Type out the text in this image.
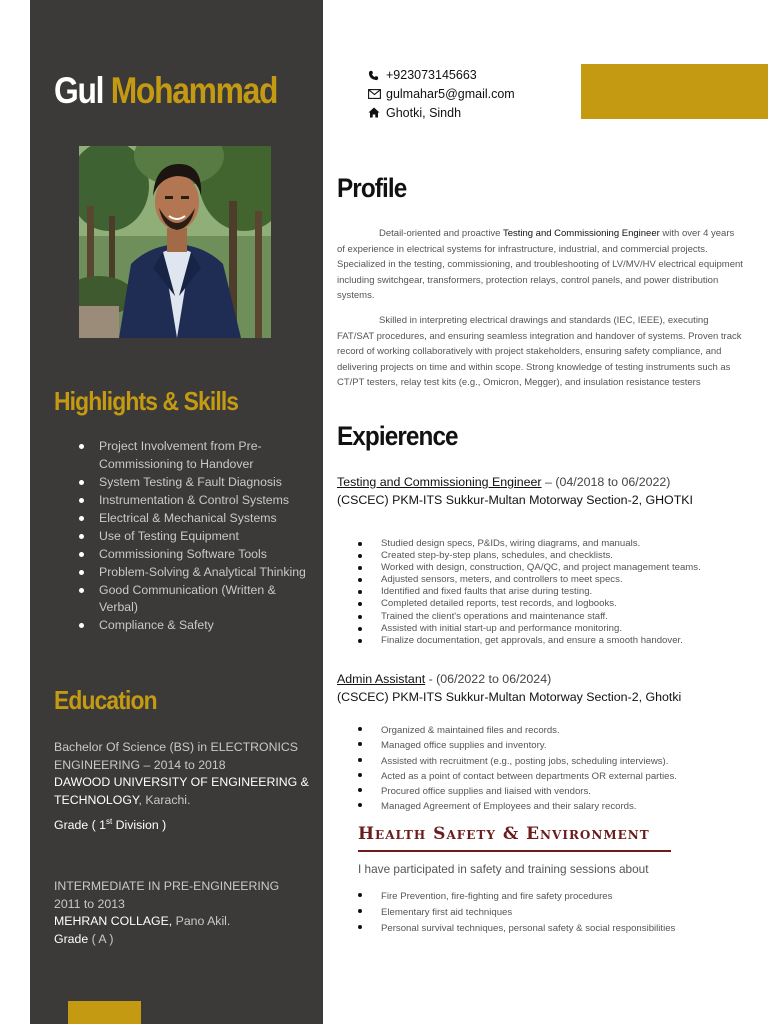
Gul Mohammad
Highlights & Skills
Project Involvement from Pre-Commissioning to Handover
System Testing & Fault Diagnosis
Instrumentation & Control Systems
Electrical & Mechanical Systems
Use of Testing Equipment
Commissioning Software Tools
Problem-Solving & Analytical Thinking
Good Communication (Written & Verbal)
Compliance & Safety
Education
Bachelor Of Science (BS) in ELECTRONICS ENGINEERING – 2014 to 2018
DAWOOD UNIVERSITY OF ENGINEERING & TECHNOLOGY, Karachi.
Grade ( 1st Division )
INTERMEDIATE IN PRE-ENGINEERING 2011 to 2013
MEHRAN COLLAGE, Pano Akil.
Grade ( A )
+923073145663
gulmahar5@gmail.com
Ghotki, Sindh
Profile
Detail-oriented and proactive Testing and Commissioning Engineer with over 4 years of experience in electrical systems for infrastructure, industrial, and commercial projects. Specialized in the testing, commissioning, and troubleshooting of LV/MV/HV electrical equipment including switchgear, transformers, protection relays, control panels, and power distribution systems.
Skilled in interpreting electrical drawings and standards (IEC, IEEE), executing FAT/SAT procedures, and ensuring seamless integration and handover of systems. Proven track record of working collaboratively with project stakeholders, ensuring safety compliance, and delivering projects on time and within scope. Strong knowledge of testing instruments such as CT/PT testers, relay test kits (e.g., Omicron, Megger), and insulation resistance testers
Expierence
Testing and Commissioning Engineer – (04/2018 to 06/2022)
(CSCEC) PKM-ITS Sukkur-Multan Motorway Section-2, GHOTKI
Studied design specs, P&IDs, wiring diagrams, and manuals.
Created step-by-step plans, schedules, and checklists.
Worked with design, construction, QA/QC, and project management teams.
Adjusted sensors, meters, and controllers to meet specs.
Identified and fixed faults that arise during testing.
Completed detailed reports, test records, and logbooks.
Trained the client's operations and maintenance staff.
Assisted with initial start-up and performance monitoring.
Finalize documentation, get approvals, and ensure a smooth handover.
Admin Assistant - (06/2022 to 06/2024)
(CSCEC) PKM-ITS Sukkur-Multan Motorway Section-2, Ghotki
Organized & maintained files and records.
Managed office supplies and inventory.
Assisted with recruitment (e.g., posting jobs, scheduling interviews).
Acted as a point of contact between departments OR external parties.
Procured office supplies and liaised with vendors.
Managed Agreement of Employees and their salary records.
Health Safety & Environment
I have participated in safety and training sessions about
Fire Prevention, fire-fighting and fire safety procedures
Elementary first aid techniques
Personal survival techniques, personal safety & social responsibilities
